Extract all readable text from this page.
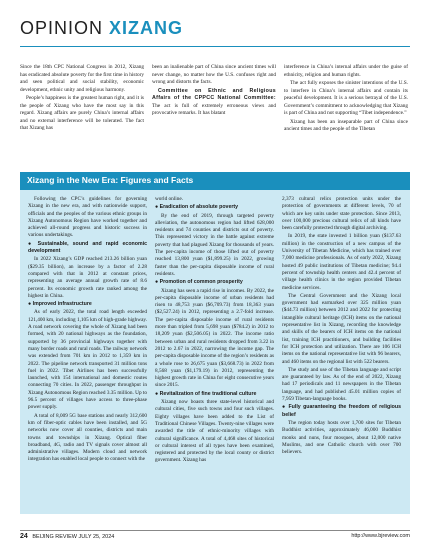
OPINION XIZANG

Since the 18th CPC National Congress in 2012, Xizang has eradicated absolute poverty for the first time in history and seen political and social stability, economic development, ethnic unity and religious harmony.

People’s happiness is the greatest human right, and it is the people of Xizang who have the most say in this regard. Xizang affairs are purely China’s internal affairs and no external interference will be tolerated. The fact that Xizang has

been an inalienable part of China since ancient times will never change, no matter how the U.S. confuses right and wrong and distorts the facts.

Committee on Ethnic and Religious Affairs of the CPPCC National Committee: The act is full of extremely erroneous views and provocative remarks. It has blatant

interference in China’s internal affairs under the guise of ethnicity, religion and human rights.

The act fully exposes the sinister intentions of the U.S. to interfere in China’s internal affairs and contain its peaceful development. It is a serious betrayal of the U.S. Government’s commitment to acknowledging that Xizang is part of China and not supporting “Tibet independence.”

Xizang has been an inseparable part of China since ancient times and the people of the Tibetan

Xizang in the New Era: Figures and Facts

Following the CPC’s guidelines for governing Xizang in the new era, and with nationwide support, officials and the peoples of the various ethnic groups in Xizang Autonomous Region have worked together and achieved all-round progress and historic success in various undertakings.

● Sustainable, sound and rapid economic development

In 2022 Xizang’s GDP reached 213.26 billion yuan ($29.35 billion), an increase by a factor of 2.28 compared with that in 2012 at constant prices, representing an average annual growth rate of 8.6 percent. Its economic growth rate ranked among the highest in China.

● Improved infrastructure

As of early 2022, the total road length exceeded 121,400 km, including 1,105 km of high-grade highway. A road network covering the whole of Xizang had been formed, with 20 national highways as the foundation, supported by 36 provincial highways together with many border roads and rural roads. The railway network was extended from 701 km in 2012 to 1,359 km in 2022. The pipeline network transported 31 million tons fuel in 2022. Tibet Airlines has been successfully launched, with 154 international and domestic routes connecting 70 cities. In 2022, passenger throughput in Xizang Autonomous Region reached 3.35 million. Up to 96.5 percent of villages have access to three-phase power supply.

A total of 8,009 5G base stations and nearly 312,600 km of fiber-optic cables have been installed, and 5G networks now cover all counties, districts and main towns and townships in Xizang. Optical fiber broadband, 4G, radio and TV signals cover almost all administrative villages. Modern cloud and network integration has enabled local people to connect with the

world online.

● Eradication of absolute poverty

By the end of 2019, through targeted poverty alleviation, the autonomous region had lifted 628,000 residents and 74 counties and districts out of poverty. This represented victory in the battle against extreme poverty that had plagued Xizang for thousands of years. The per-capita income of those lifted out of poverty reached 13,800 yuan ($1,899.25) in 2022, growing faster than the per-capita disposable income of rural residents.

● Promotion of common prosperity

Xizang has seen a rapid rise in incomes. By 2022, the per-capita disposable income of urban residents had risen to 48,753 yuan ($6,709.73) from 18,363 yuan ($2,527.24) in 2012, representing a 2.7-fold increase. The per-capita disposable income of rural residents more than tripled from 5,698 yuan ($784.2) in 2012 to 18,209 yuan ($2,506.05) in 2022. The income ratio between urban and rural residents dropped from 3.22 in 2012 to 2.67 in 2022, narrowing the income gap. The per-capita disposable income of the region’s residents as a whole rose to 26,675 yuan ($3,668.73) in 2022 from 8,568 yuan ($1,179.19) in 2012, representing the highest growth rate in China for eight consecutive years since 2015.

● Revitalization of fine traditional culture

Xizang now boasts three state-level historical and cultural cities, five such towns and four such villages. Eighty villages have been added to the List of Traditional Chinese Villages. Twenty-nine villages were awarded the title of ethnic-minority villages with cultural significance. A total of 4,468 sites of historical or cultural interest of all types have been examined, registered and protected by the local county or district government. Xizang has

2,373 cultural relics protection units under the protection of governments at different levels, 70 of which are key units under state protection. Since 2013, over 100,000 precious cultural relics of all kinds have been carefully protected through digital archiving.

In 2019, the state invested 1 billion yuan ($137.63 million) in the construction of a new campus of the University of Tibetan Medicine, which has trained over 7,000 medicine professionals. As of early 2022, Xizang hosted 49 public institutions of Tibetan medicine; 94.4 percent of township health centers and 42.4 percent of village health clinics in the region provided Tibetan medicine services.

The Central Government and the Xizang local government had earmarked over 325 million yuan ($44.73 million) between 2012 and 2022 for protecting intangible cultural heritage (ICH) items on the national representative list in Xizang, recording the knowledge and skills of the bearers of ICH items on the national list, training ICH practitioners, and building facilities for ICH protection and utilization. There are 106 ICH items on the national representative list with 96 bearers, and 460 items on the regional list with 522 bearers.

The study and use of the Tibetan language and script are guaranteed by law. As of the end of 2022, Xizang had 17 periodicals and 11 newspapers in the Tibetan language, and had published 45.01 million copies of 7,959 Tibetan-language books.

● Fully guaranteeing the freedom of religious belief

The region today hosts over 1,700 sites for Tibetan Buddhist activities, approximately 46,000 Buddhist monks and nuns, four mosques, about 12,000 native Muslims, and one Catholic church with over 700 believers.

24 BEIJING REVIEW JULY 25, 2024	http://www.bjreview.com
